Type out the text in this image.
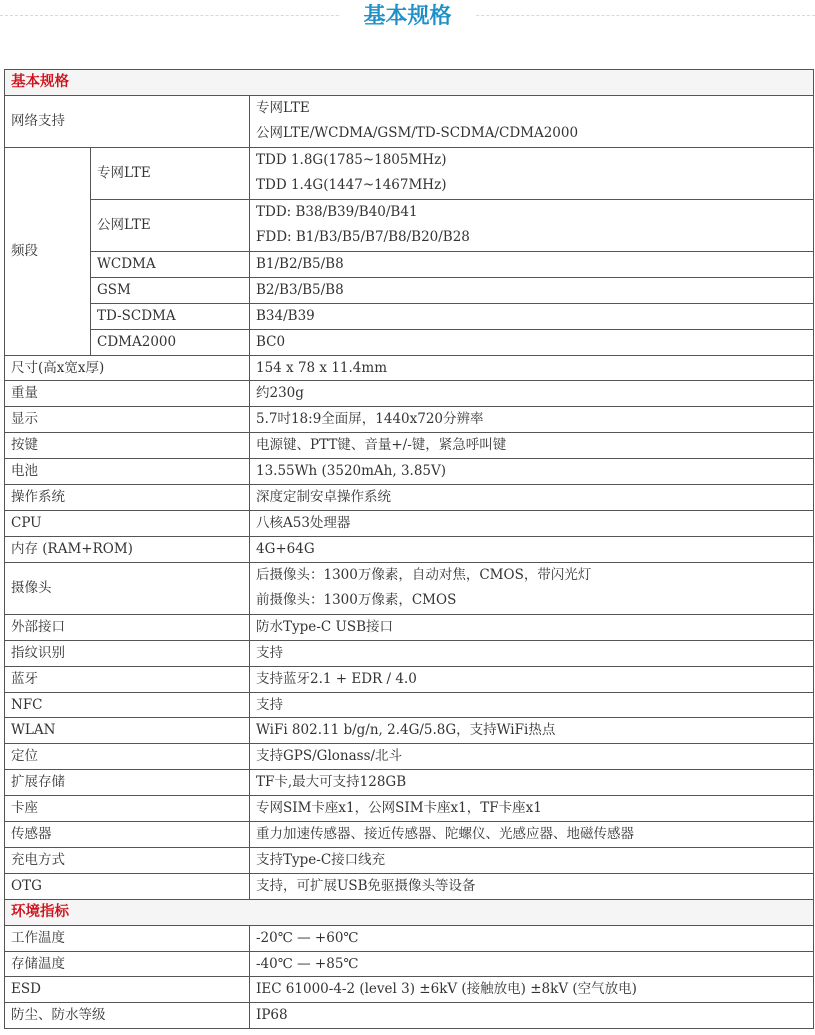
基本规格
基本规格		
网络支持		专网LTE
公网LTE/WCDMA/GSM/TD-SCDMA/CDMA2000

频段	专网LTE	TDD 1.8G(1785~1805MHz)
TDD 1.4G(1447~1467MHz)

	公网LTE	TDD: B38/B39/B40/B41
FDD: B1/B3/B5/B7/B8/B20/B28

	WCDMA	B1/B2/B5/B8
	GSM	B2/B3/B5/B8
	TD-SCDMA	B34/B39
	CDMA2000	BC0
尺寸(高x宽x厚)		154 x 78 x 11.4mm
重量		约230g
显示		5.7吋18:9全面屏，1440x720分辨率
按键		电源键、PTT键、音量+/-键，紧急呼叫键
电池		13.55Wh (3520mAh, 3.85V)
操作系统		深度定制安卓操作系统
CPU		八核A53处理器
内存 (RAM+ROM)		4G+64G
摄像头		后摄像头：1300万像素，自动对焦，CMOS，带闪光灯
前摄像头：1300万像素，CMOS

外部接口		防水Type-C USB接口
指纹识别		支持
蓝牙		支持蓝牙2.1 + EDR / 4.0
NFC		支持
WLAN		WiFi 802.11 b/g/n, 2.4G/5.8G，支持WiFi热点
定位		支持GPS/Glonass/北斗
扩展存储		TF卡,最大可支持128GB
卡座		专网SIM卡座x1，公网SIM卡座x1，TF卡座x1
传感器		重力加速传感器、接近传感器、陀螺仪、光感应器、地磁传感器
充电方式		支持Type-C接口线充
OTG		支持，可扩展USB免驱摄像头等设备
环境指标		
工作温度		-20℃ — +60℃
存储温度		-40℃ — +85℃
ESD		IEC 61000-4-2 (level 3) ±6kV (接触放电) ±8kV (空气放电)
防尘、防水等级		IP68
